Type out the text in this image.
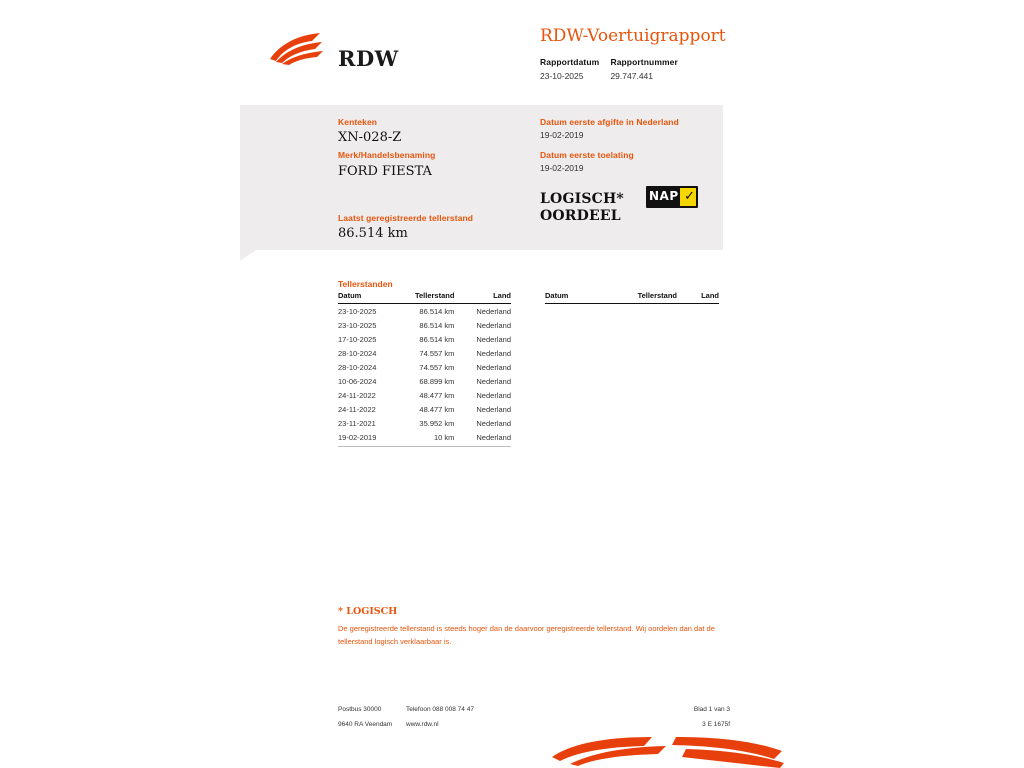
RDW
RDW-Voertuigrapport
Rapportdatum
23-10-2025

Rapportnummer
29.747.441
Kenteken
XN-028-Z
Merk/Handelsbenaming
FORD FIESTA
Laatst geregistreerde tellerstand
86.514 km
Datum eerste afgifte in Nederland
19-02-2019
Datum eerste toelating
19-02-2019
LOGISCH*
OORDEEL
NAP ✓
Tellerstanden
Datum	Tellerstand	Land
23-10-2025	86.514 km	Nederland
23-10-2025	86.514 km	Nederland
17-10-2025	86.514 km	Nederland
28-10-2024	74.557 km	Nederland
28-10-2024	74.557 km	Nederland
10-06-2024	68.899 km	Nederland
24-11-2022	48.477 km	Nederland
24-11-2022	48.477 km	Nederland
23-11-2021	35.952 km	Nederland
19-02-2019	10 km	Nederland
Datum	Tellerstand	Land
* LOGISCH
De geregistreerde tellerstand is steeds hoger dan de daarvoor geregistreerde tellerstand. Wij oordelen dan dat de tellerstand logisch verklaarbaar is.
Postbus 30000	Telefoon 088 008 74 47
9640 RA Veendam www.rdw.nl
Blad 1 van 3
3 E 1675f
